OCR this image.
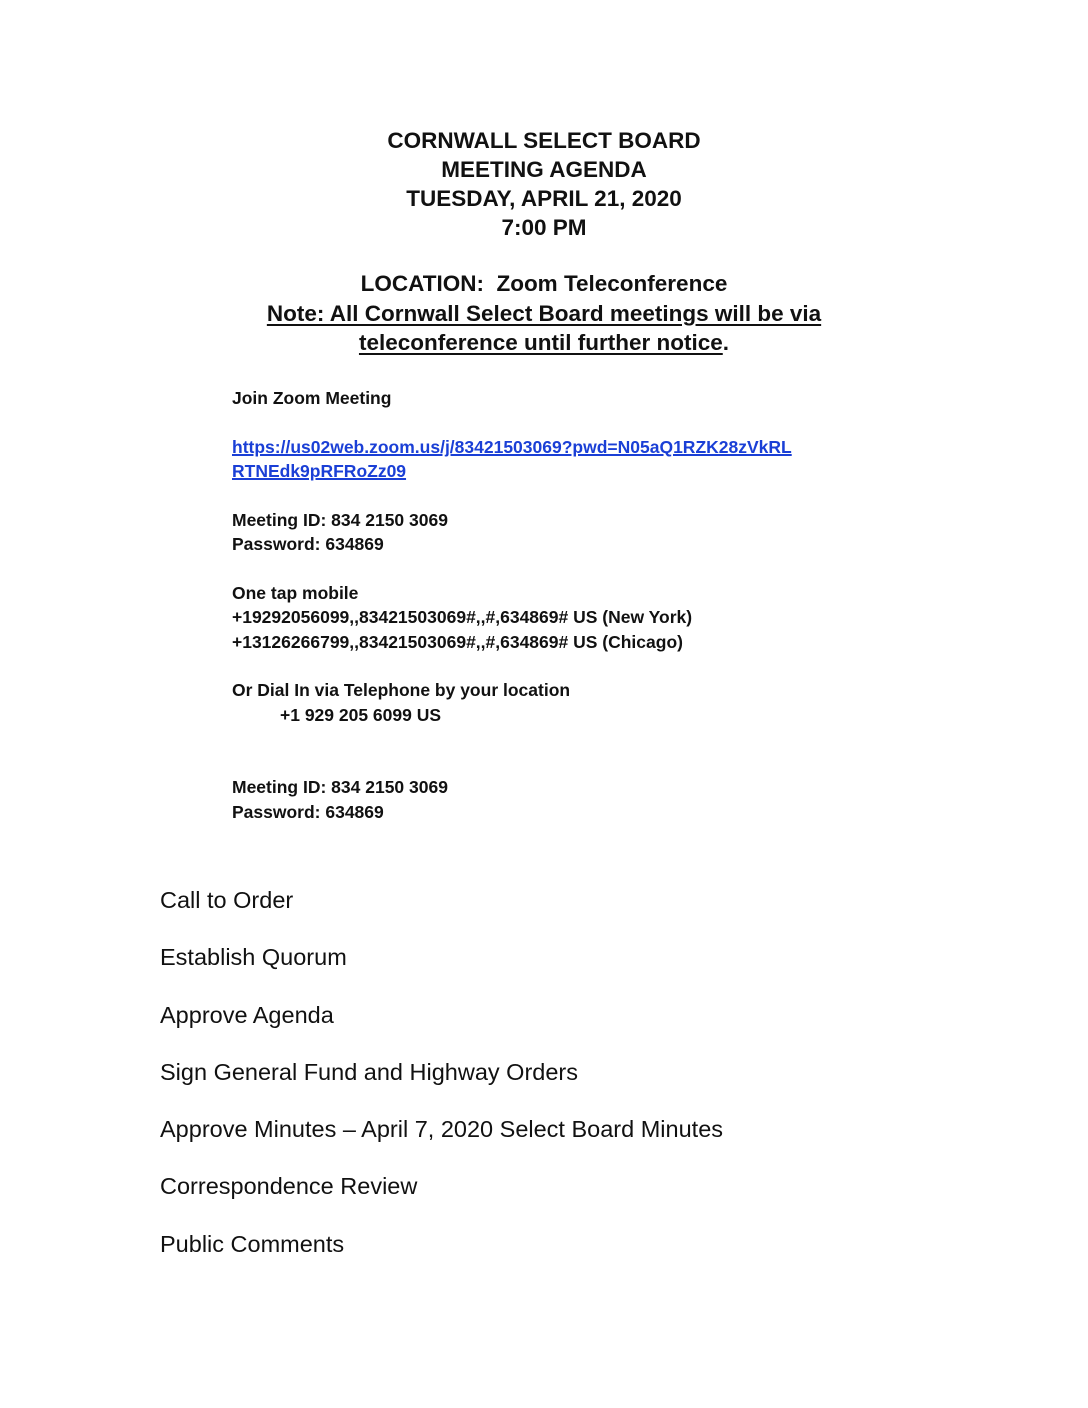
CORNWALL SELECT BOARD
MEETING AGENDA
TUESDAY, APRIL 21, 2020
7:00 PM
LOCATION:  Zoom Teleconference
Note: All Cornwall Select Board meetings will be via
teleconference until further notice.
Join Zoom Meeting
https://us02web.zoom.us/j/83421503069?pwd=N05aQ1RZK28zVkRL
RTNEdk9pRFRoZz09
Meeting ID: 834 2150 3069
Password: 634869
One tap mobile
+19292056099,,83421503069#,,#,634869# US (New York)
+13126266799,,83421503069#,,#,634869# US (Chicago)
Or Dial In via Telephone by your location
+1 929 205 6099 US
Meeting ID: 834 2150 3069
Password: 634869
Call to Order
Establish Quorum
Approve Agenda
Sign General Fund and Highway Orders
Approve Minutes – April 7, 2020 Select Board Minutes
Correspondence Review
Public Comments
